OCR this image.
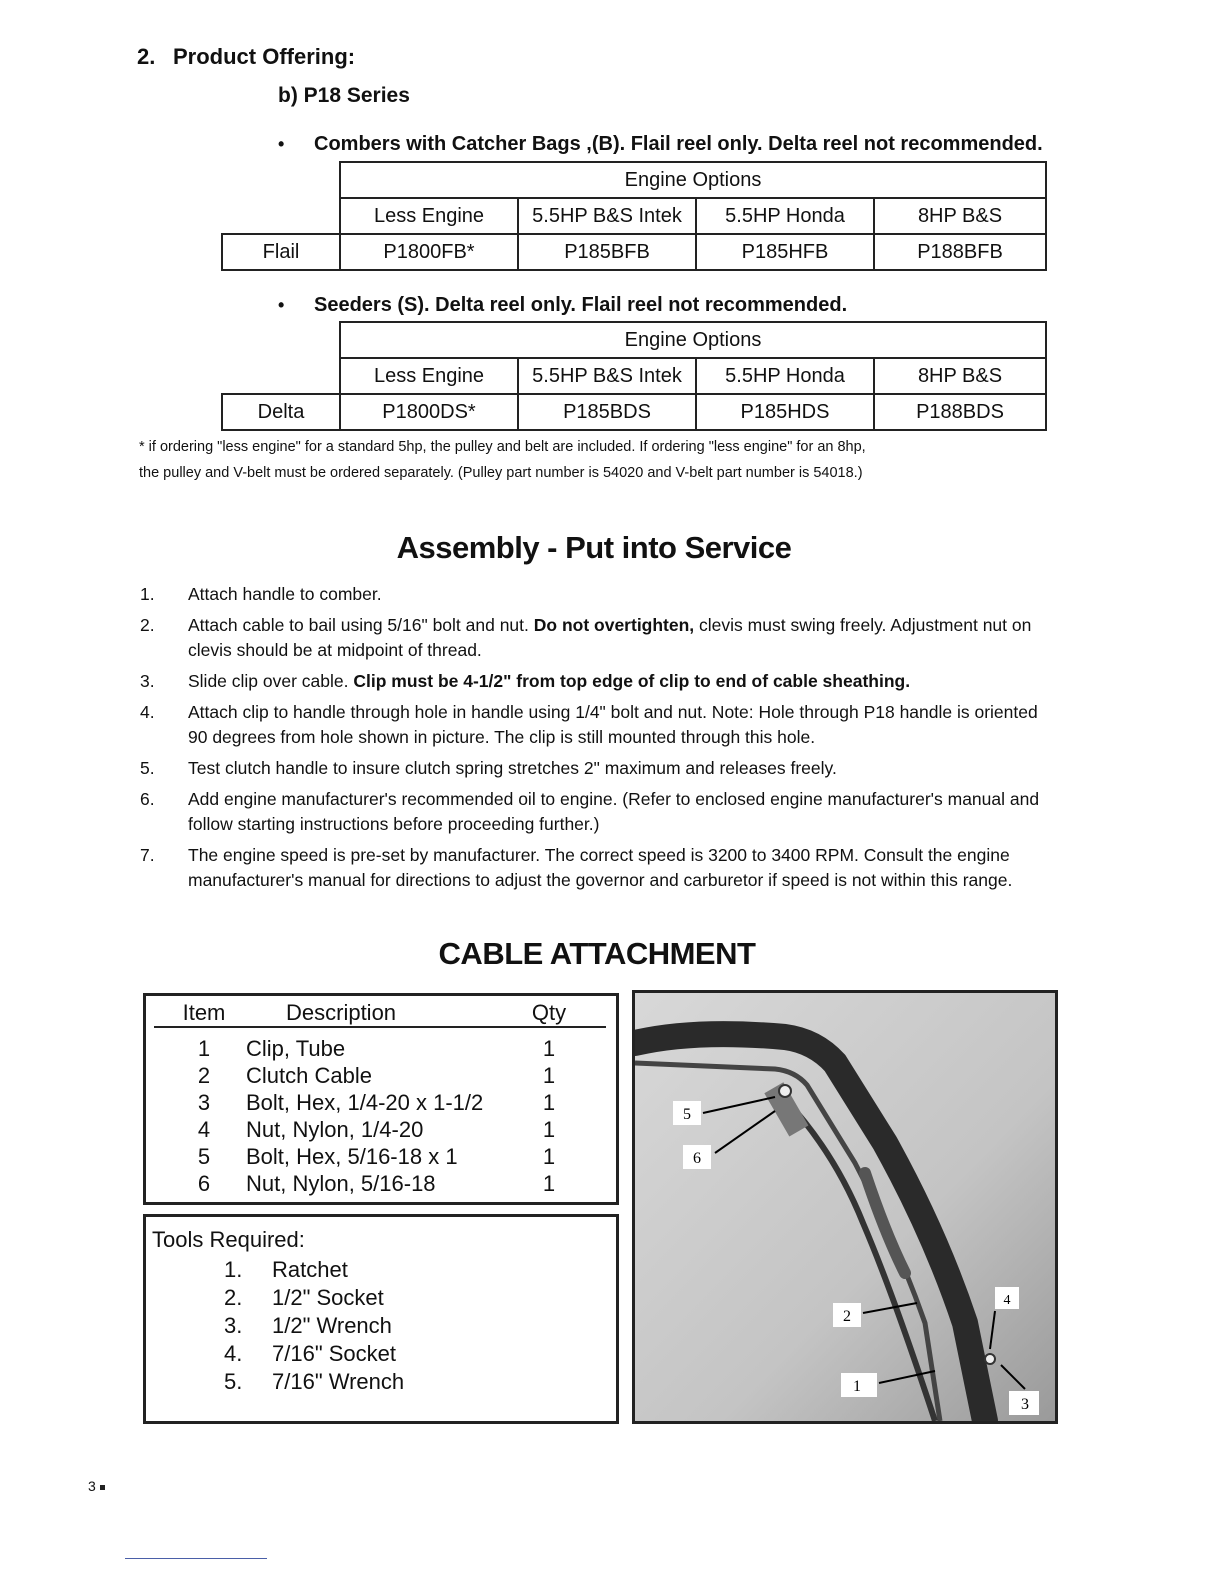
2. Product Offering:
b) P18 Series
• Combers with Catcher Bags ,(B). Flail reel only. Delta reel not recommended.
	Engine Options			
	Less Engine	5.5HP B&S Intek	5.5HP Honda	8HP B&S
Flail	P1800FB*	P185BFB	P185HFB	P188BFB
• Seeders (S). Delta reel only. Flail reel not recommended.
	Engine Options			
	Less Engine	5.5HP B&S Intek	5.5HP Honda	8HP B&S
Delta	P1800DS*	P185BDS	P185HDS	P188BDS
* if ordering "less engine" for a standard 5hp, the pulley and belt are included. If ordering "less engine" for an 8hp,
the pulley and V-belt must be ordered separately. (Pulley part number is 54020 and V-belt part number is 54018.)
Assembly - Put into Service
1. Attach handle to comber.
2. Attach cable to bail using 5/16" bolt and nut. Do not overtighten, clevis must swing freely. Adjustment nut on clevis should be at midpoint of thread.
3. Slide clip over cable. Clip must be 4-1/2" from top edge of clip to end of cable sheathing.
4. Attach clip to handle through hole in handle using 1/4" bolt and nut. Note: Hole through P18 handle is oriented 90 degrees from hole shown in picture. The clip is still mounted through this hole.
5. Test clutch handle to insure clutch spring stretches 2" maximum and releases freely.
6. Add engine manufacturer's recommended oil to engine. (Refer to enclosed engine manufacturer's manual and follow starting instructions before proceeding further.)
7. The engine speed is pre-set by manufacturer. The correct speed is 3200 to 3400 RPM. Consult the engine manufacturer's manual for directions to adjust the governor and carburetor if speed is not within this range.
CABLE ATTACHMENT
Item	Description	Qty
1	Clip, Tube	1
2	Clutch Cable	1
3	Bolt, Hex, 1/4-20 x 1-1/2	1
4	Nut, Nylon, 1/4-20	1
5	Bolt, Hex, 5/16-18 x 1	1
6	Nut, Nylon, 5/16-18	1
Tools Required:
1. Ratchet
2. 1/2" Socket
3. 1/2" Wrench
4. 7/16" Socket
5. 7/16" Wrench
5
6
2
4
1
3
3
